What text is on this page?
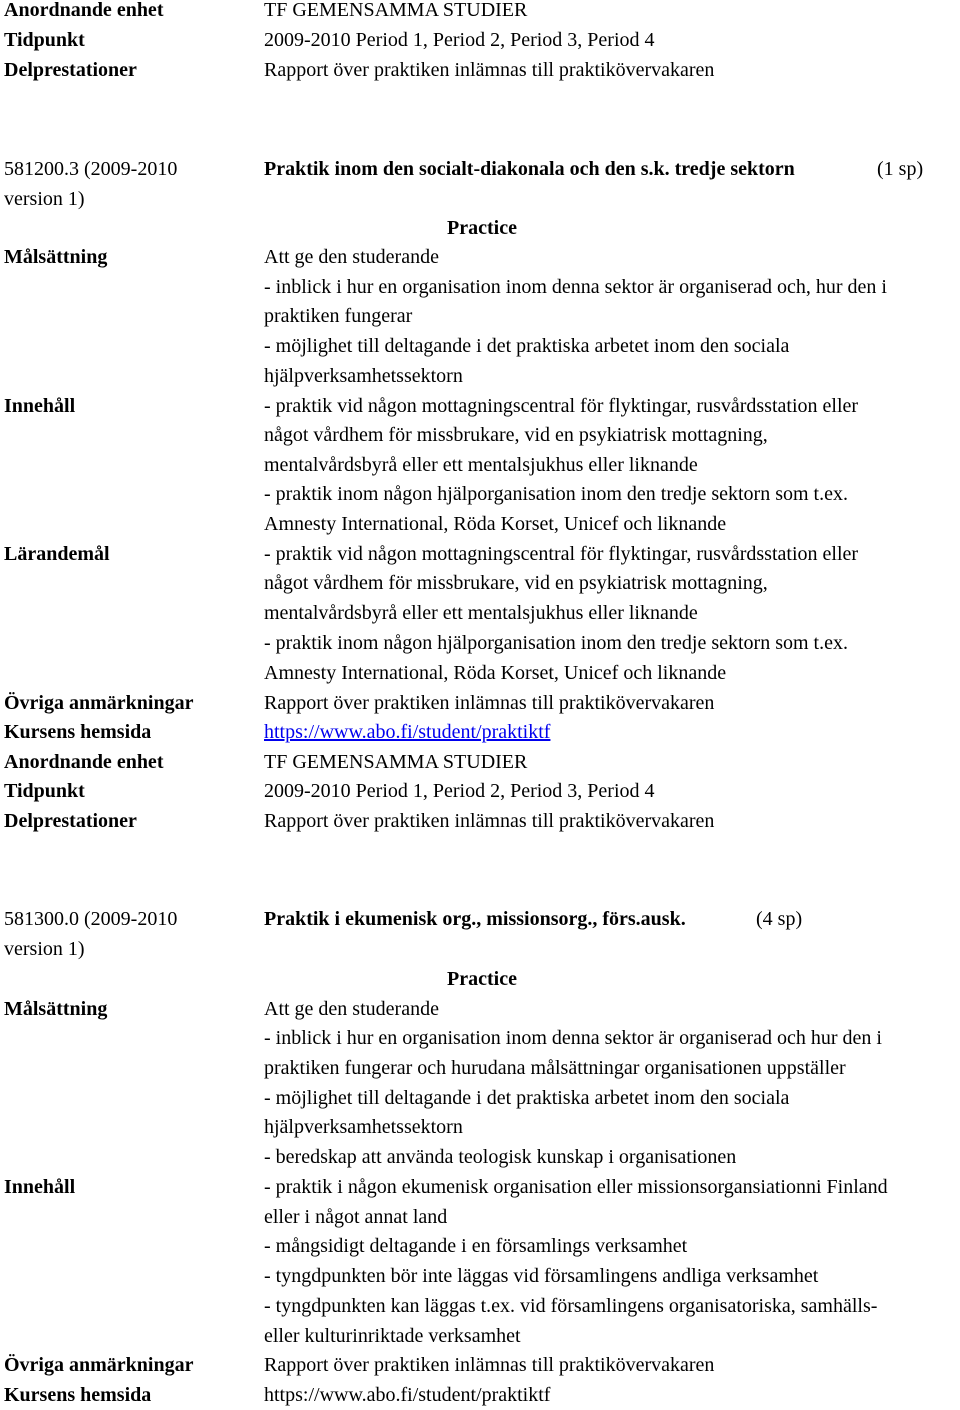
Anordnande enhet	TF GEMENSAMMA STUDIER
Tidpunkt	2009-2010 Period 1, Period 2, Period 3, Period 4
Delprestationer	Rapport över praktiken inlämnas till praktikövervakaren
581200.3 (2009-2010	Praktik inom den socialt-diakonala och den s.k. tredje sektorn	(1 sp)
version 1)
Practice
Målsättning	Att ge den studerande
- inblick i hur en organisation inom denna sektor är organiserad och, hur den i
praktiken fungerar
- möjlighet till deltagande i det praktiska arbetet inom den sociala
hjälpverksamhetssektorn
Innehåll	- praktik vid någon mottagningscentral för flyktingar, rusvårdsstation eller
något vårdhem för missbrukare, vid en psykiatrisk mottagning,
mentalvårdsbyrå eller ett mentalsjukhus eller liknande
- praktik inom någon hjälporganisation inom den tredje sektorn som t.ex.
Amnesty International, Röda Korset, Unicef och liknande
Lärandemål	- praktik vid någon mottagningscentral för flyktingar, rusvårdsstation eller
något vårdhem för missbrukare, vid en psykiatrisk mottagning,
mentalvårdsbyrå eller ett mentalsjukhus eller liknande
- praktik inom någon hjälporganisation inom den tredje sektorn som t.ex.
Amnesty International, Röda Korset, Unicef och liknande
Övriga anmärkningar	Rapport över praktiken inlämnas till praktikövervakaren
Kursens hemsida	https://www.abo.fi/student/praktiktf
Anordnande enhet	TF GEMENSAMMA STUDIER
Tidpunkt	2009-2010 Period 1, Period 2, Period 3, Period 4
Delprestationer	Rapport över praktiken inlämnas till praktikövervakaren
581300.0 (2009-2010	Praktik i ekumenisk org., missionsorg., förs.ausk.	(4 sp)
version 1)
Practice
Målsättning	Att ge den studerande
- inblick i hur en organisation inom denna sektor är organiserad och hur den i
praktiken fungerar och hurudana målsättningar organisationen uppställer
- möjlighet till deltagande i det praktiska arbetet inom den sociala
hjälpverksamhetssektorn
- beredskap att använda teologisk kunskap i organisationen
Innehåll	- praktik i någon ekumenisk organisation eller missionsorgansiationni Finland
eller i något annat land
- mångsidigt deltagande i en församlings verksamhet
- tyngdpunkten bör inte läggas vid församlingens andliga verksamhet
- tyngdpunkten kan läggas t.ex. vid församlingens organisatoriska, samhälls-
eller kulturinriktade verksamhet
Övriga anmärkningar	Rapport över praktiken inlämnas till praktikövervakaren
Kursens hemsida	https://www.abo.fi/student/praktiktf
